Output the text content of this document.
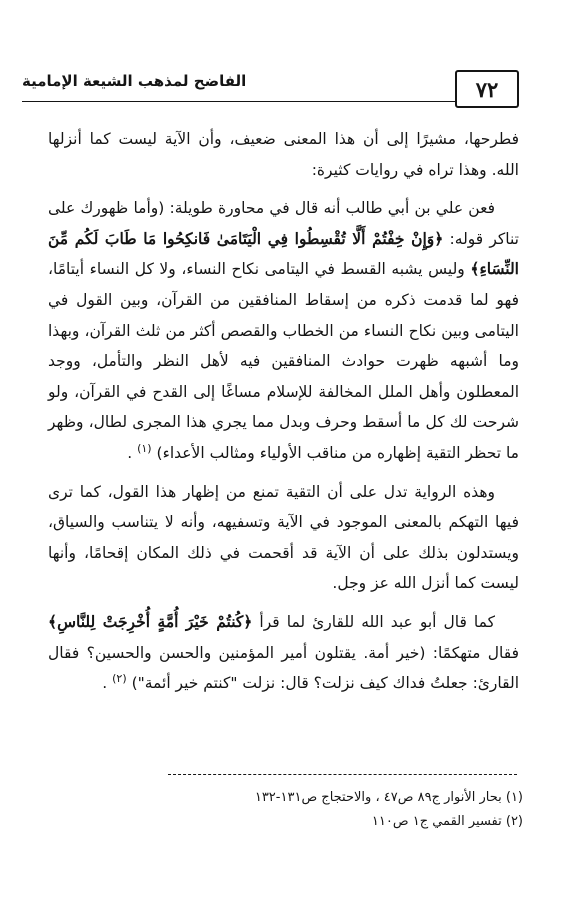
٧٢
الفاضح لمذهب الشيعة الإمامية

فطرحها، مشيرًا إلى أن هذا المعنى ضعيف، وأن الآية ليست كما أنزلها الله. وهذا تراه في روايات كثيرة:

فعن علي بن أبي طالب أنه قال في محاورة طويلة: (وأما ظهورك على تناكر قوله: ﴿وَإِنْ خِفْتُمْ أَلَّا تُقْسِطُوا فِي الْيَتَامَىٰ فَانكِحُوا مَا طَابَ لَكُم مِّنَ النِّسَاءِ﴾ وليس يشبه القسط في اليتامى نكاح النساء، ولا كل النساء أيتامًا، فهو لما قدمت ذكره من إسقاط المنافقين من القرآن، وبين القول في اليتامى وبين نكاح النساء من الخطاب والقصص أكثر من ثلث القرآن، وبهذا وما أشبهه ظهرت حوادث المنافقين فيه لأهل النظر والتأمل، ووجد المعطلون وأهل الملل المخالفة للإسلام مساغًا إلى القدح في القرآن، ولو شرحت لك كل ما أسقط وحرف وبدل مما يجري هذا المجرى لطال، وظهر ما تحظر التقية إظهاره من مناقب الأولياء ومثالب الأعداء) $^{(١)}$ .

وهذه الرواية تدل على أن التقية تمنع من إظهار هذا القول، كما ترى فيها التهكم بالمعنى الموجود في الآية وتسفيهه، وأنه لا يتناسب والسياق، ويستدلون بذلك على أن الآية قد أقحمت في ذلك المكان إقحامًا، وأنها ليست كما أنزل الله عز وجل.

كما قال أبو عبد الله للقارئ لما قرأ ﴿كُنتُمْ خَيْرَ أُمَّةٍ أُخْرِجَتْ لِلنَّاسِ﴾ فقال متهكمًا: (خير أمة. يقتلون أمير المؤمنين والحسن والحسين؟ فقال القارئ: جعلتُ فداك كيف نزلت؟ قال: نزلت "كنتم خير أئمة") $^{(٢)}$ .

(١) بحار الأنوار ج٨٩ ص٤٧ ، والاحتجاج ص١٣١-١٣٢

(٢) تفسير القمي ج١ ص١١٠
